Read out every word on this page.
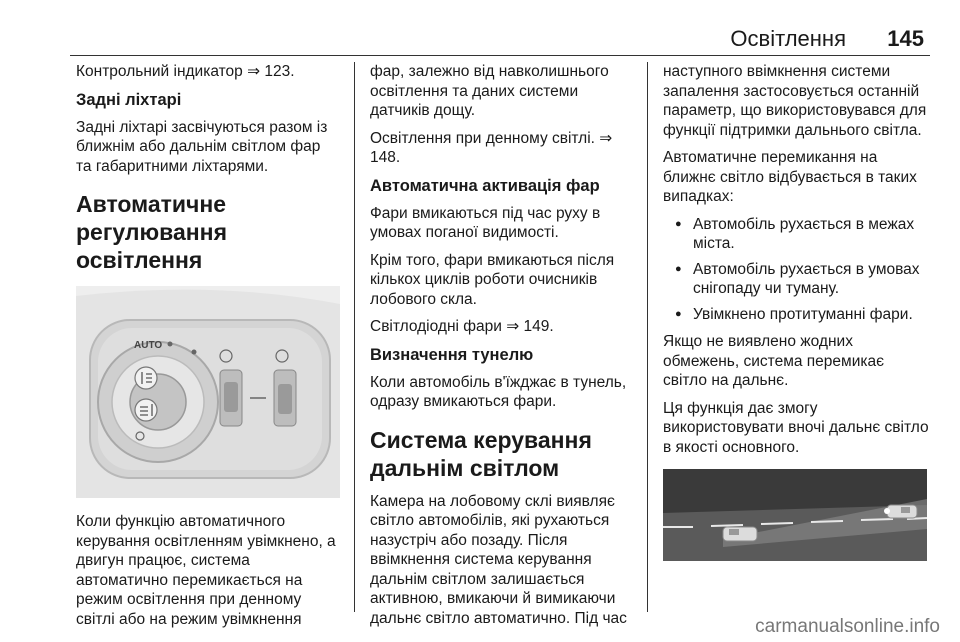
Освітлення 145

Контрольний індикатор ⇒ 123.

Задні ліхтарі

Задні ліхтарі засвічуються разом із ближнім або дальнім світлом фар та габаритними ліхтарями.

Автоматичне регулювання освітлення
AUTO

Коли функцію автоматичного керування освітленням увімкнено, а двигун працює, система автоматично перемикається на режим освітлення при денному світлі або на режим увімкнення

фар, залежно від навколишнього освітлення та даних системи датчиків дощу.

Освітлення при денному світлі. ⇒ 148.

Автоматична активація фар

Фари вмикаються під час руху в умовах поганої видимості.

Крім того, фари вмикаються після кількох циклів роботи очисників лобового скла.

Світлодіодні фари ⇒ 149.

Визначення тунелю

Коли автомобіль в'їжджає в тунель, одразу вмикаються фари.

Система керування дальнім світлом

Камера на лобовому склі виявляє світло автомобілів, які рухаються назустріч або позаду. Після ввімкнення система керування дальнім світлом залишається активною, вмикаючи й вимикаючи дальнє світло автоматично. Під час

наступного ввімкнення системи запалення застосовується останній параметр, що використовувався для функції підтримки дальнього світла.

Автоматичне перемикання на ближнє світло відбувається в таких випадках:

● Автомобіль рухається в межах міста.
● Автомобіль рухається в умовах снігопаду чи туману.
● Увімкнено протитуманні фари.

Якщо не виявлено жодних обмежень, система перемикає світло на дальнє.

Ця функція дає змогу використовувати вночі дальнє світло в якості основного.

carmanualsonline.info
